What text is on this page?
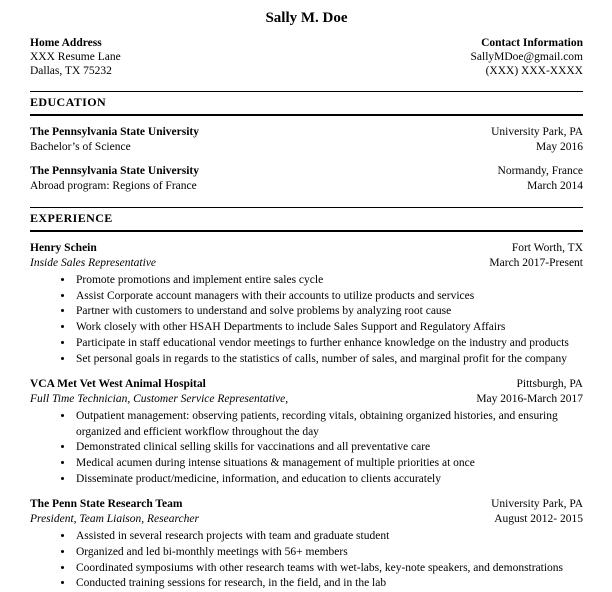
Sally M. Doe
Home Address
XXX Resume Lane
Dallas, TX 75232
Contact Information
SallyMDoe@gmail.com
(XXX) XXX-XXXX
EDUCATION
The Pennsylvania State University	University Park, PA
Bachelor’s of Science	May 2016
The Pennsylvania State University	Normandy, France
Abroad program: Regions of France	March 2014
EXPERIENCE
Henry Schein	Fort Worth, TX
Inside Sales Representative	March 2017-Present
• Promote promotions and implement entire sales cycle
• Assist Corporate account managers with their accounts to utilize products and services
• Partner with customers to understand and solve problems by analyzing root cause
• Work closely with other HSAH Departments to include Sales Support and Regulatory Affairs
• Participate in staff educational vendor meetings to further enhance knowledge on the industry and products
• Set personal goals in regards to the statistics of calls, number of sales, and marginal profit for the company
VCA Met Vet West Animal Hospital	Pittsburgh, PA
Full Time Technician, Customer Service Representative,	May 2016-March 2017
• Outpatient management: observing patients, recording vitals, obtaining organized histories, and ensuring organized and efficient workflow throughout the day
• Demonstrated clinical selling skills for vaccinations and all preventative care
• Medical acumen during intense situations & management of multiple priorities at once
• Disseminate product/medicine, information, and education to clients accurately
The Penn State Research Team	University Park, PA
President, Team Liaison, Researcher	August 2012- 2015
• Assisted in several research projects with team and graduate student
• Organized and led bi-monthly meetings with 56+ members
• Coordinated symposiums with other research teams with wet-labs, key-note speakers, and demonstrations
• Conducted training sessions for research, in the field, and in the lab
